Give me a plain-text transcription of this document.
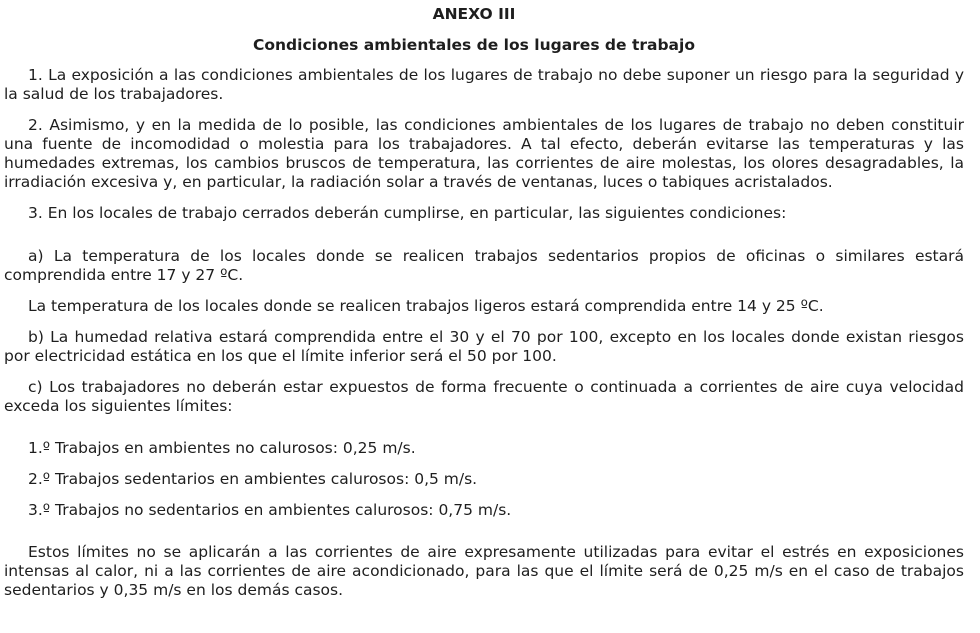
ANEXO III
Condiciones ambientales de los lugares de trabajo

1. La exposición a las condiciones ambientales de los lugares de trabajo no debe suponer un riesgo para la seguridad y la salud de los trabajadores.

2. Asimismo, y en la medida de lo posible, las condiciones ambientales de los lugares de trabajo no deben constituir una fuente de incomodidad o molestia para los trabajadores. A tal efecto, deberán evitarse las temperaturas y las humedades extremas, los cambios bruscos de temperatura, las corrientes de aire molestas, los olores desagradables, la irradiación excesiva y, en particular, la radiación solar a través de ventanas, luces o tabiques acristalados.

3. En los locales de trabajo cerrados deberán cumplirse, en particular, las siguientes condiciones:

a) La temperatura de los locales donde se realicen trabajos sedentarios propios de oficinas o similares estará comprendida entre 17 y 27 ºC.

La temperatura de los locales donde se realicen trabajos ligeros estará comprendida entre 14 y 25 ºC.

b) La humedad relativa estará comprendida entre el 30 y el 70 por 100, excepto en los locales donde existan riesgos por electricidad estática en los que el límite inferior será el 50 por 100.

c) Los trabajadores no deberán estar expuestos de forma frecuente o continuada a corrientes de aire cuya velocidad exceda los siguientes límites:

1.º Trabajos en ambientes no calurosos: 0,25 m/s.

2.º Trabajos sedentarios en ambientes calurosos: 0,5 m/s.

3.º Trabajos no sedentarios en ambientes calurosos: 0,75 m/s.

Estos límites no se aplicarán a las corrientes de aire expresamente utilizadas para evitar el estrés en exposiciones intensas al calor, ni a las corrientes de aire acondicionado, para las que el límite será de 0,25 m/s en el caso de trabajos sedentarios y 0,35 m/s en los demás casos.
